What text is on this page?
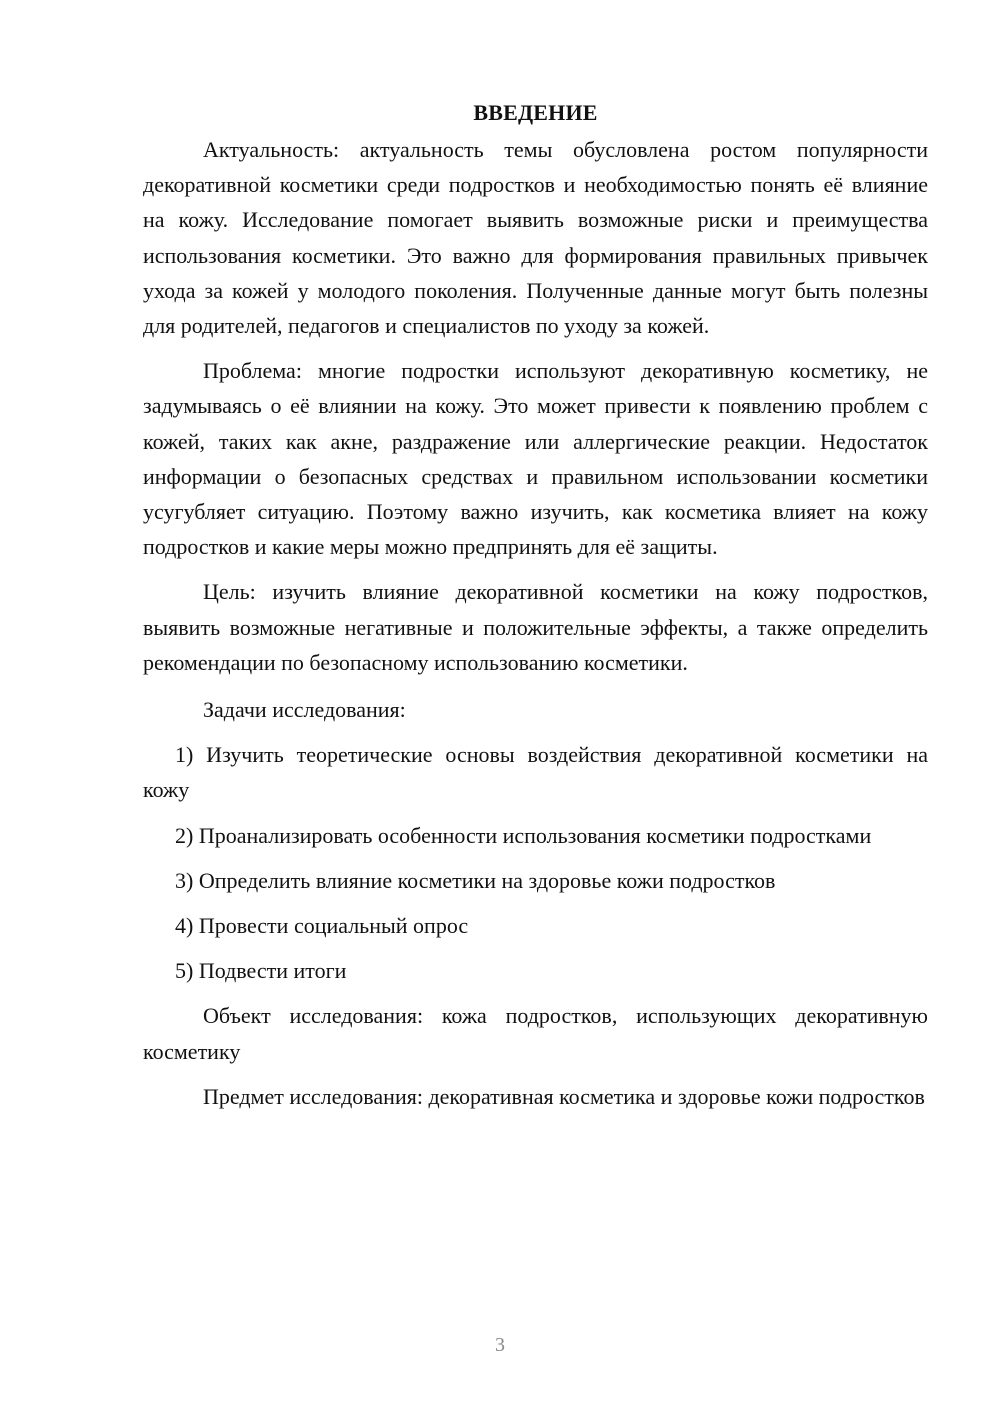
ВВЕДЕНИЕ

Актуальность: актуальность темы обусловлена ростом популярности декоративной косметики среди подростков и необходимостью понять её влияние на кожу. Исследование помогает выявить возможные риски и преимущества использования косметики. Это важно для формирования правильных привычек ухода за кожей у молодого поколения. Полученные данные могут быть полезны для родителей, педагогов и специалистов по уходу за кожей.

Проблема: многие подростки используют декоративную косметику, не задумываясь о её влиянии на кожу. Это может привести к появлению проблем с кожей, таких как акне, раздражение или аллергические реакции. Недостаток информации о безопасных средствах и правильном использовании косметики усугубляет ситуацию. Поэтому важно изучить, как косметика влияет на кожу подростков и какие меры можно предпринять для её защиты.

Цель: изучить влияние декоративной косметики на кожу подростков, выявить возможные негативные и положительные эффекты, а также определить рекомендации по безопасному использованию косметики.

Задачи исследования:

1) Изучить теоретические основы воздействия декоративной косметики на кожу

2) Проанализировать особенности использования косметики подростками

3) Определить влияние косметики на здоровье кожи подростков

4) Провести социальный опрос

5) Подвести итоги

Объект исследования: кожа подростков, использующих декоративную косметику

Предмет исследования: декоративная косметика и здоровье кожи подростков

3
